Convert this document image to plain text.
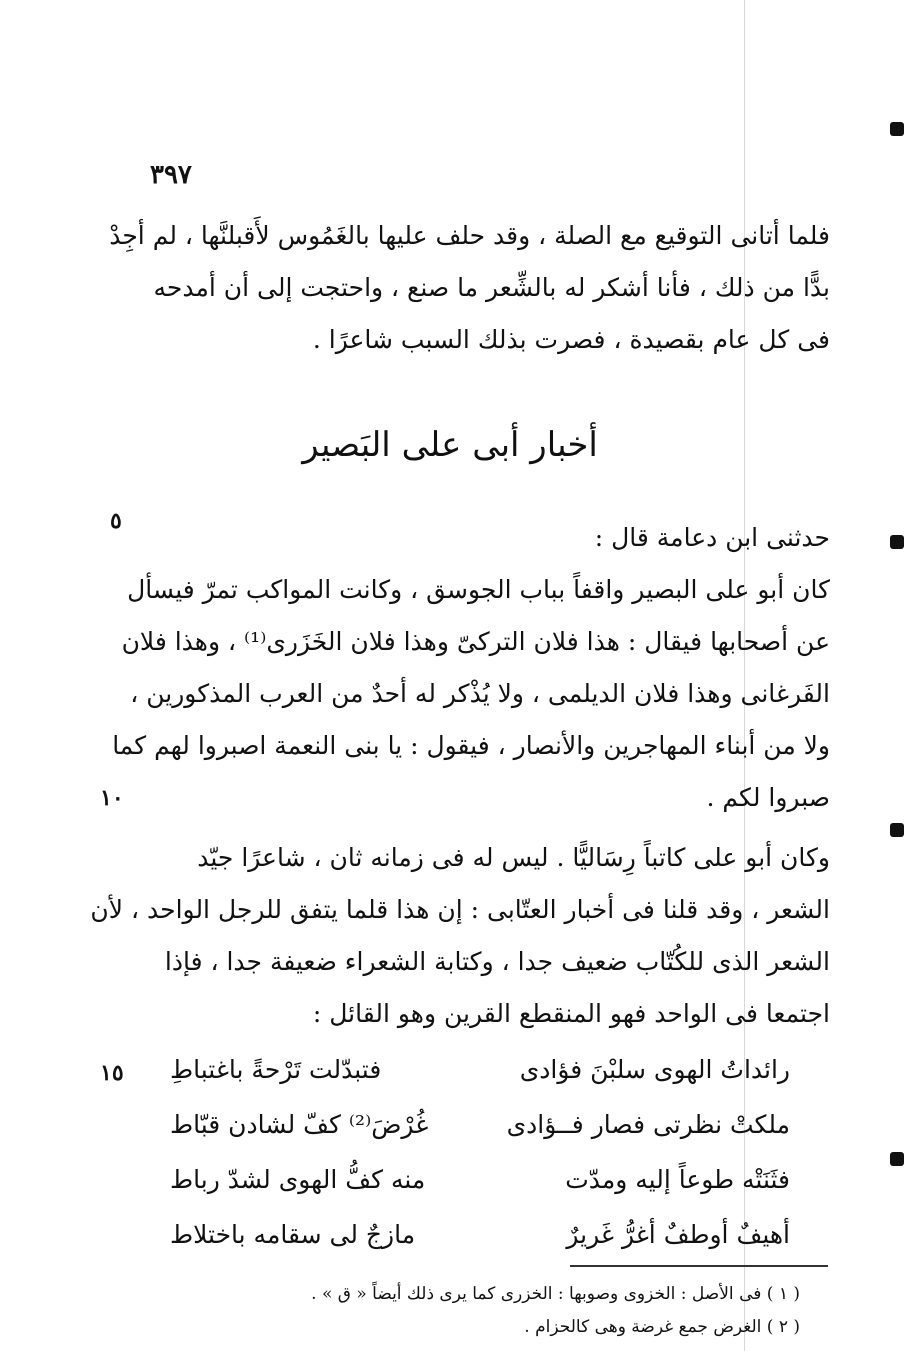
٣٩٧
فلما أتانى التوقيع مع الصلة ، وقد حلف عليها بالغَمُوس لأَقبلنَّها ، لم أجِدْ
بدًّا من ذلك ، فأنا أشكر له بالشِّعر ما صنع ، واحتجت إلى أن أمدحه
فى كل عام بقصيدة ، فصرت بذلك السبب شاعرًا .
أخبار أبى على البَصير
٥
١٠
١٥
حدثنى ابن دعامة قال :
كان أبو على البصير واقفاً بباب الجوسق ، وكانت المواكب تمرّ فيسأل
عن أصحابها فيقال : هذا فلان التركىّ وهذا فلان الخَزَرى⁽¹⁾ ، وهذا فلان
الفَرغانى وهذا فلان الديلمى ، ولا يُذْكر له أحدٌ من العرب المذكورين ،
ولا من أبناء المهاجرين والأنصار ، فيقول : يا بنى النعمة اصبروا لهم كما
صبروا لكم .
وكان أبو على كاتباً رِسَاليًّا . ليس له فى زمانه ثان ، شاعرًا جيّد
الشعر ، وقد قلنا فى أخبار العتّابى : إن هذا قلما يتفق للرجل الواحد ، لأن
الشعر الذى للكُتّاب ضعيف جدا ، وكتابة الشعراء ضعيفة جدا ، فإذا
اجتمعا فى الواحد فهو المنقطع القرين وهو القائل :
رائداتُ الهوى سلبْنَ فؤادى
فتبدّلت تَرْحةً باغتباطِ
ملكتْ نظرتى فصار فــؤادى
غُرْضَ⁽²⁾ كفّ لشادن قبّاط
فثَنَتْه طوعاً إليه ومدّت
منه كفُّ الهوى لشدّ رباط
أهيفٌ أوطفٌ أغرُّ غَريرٌ
مازجٌ لى سقامه باختلاط
( ١ ) فى الأصل : الخزوى وصوبها : الخزرى كما يرى ذلك أيضاً « ق » .
( ٢ ) الغرض جمع غرضة وهى كالحزام .
